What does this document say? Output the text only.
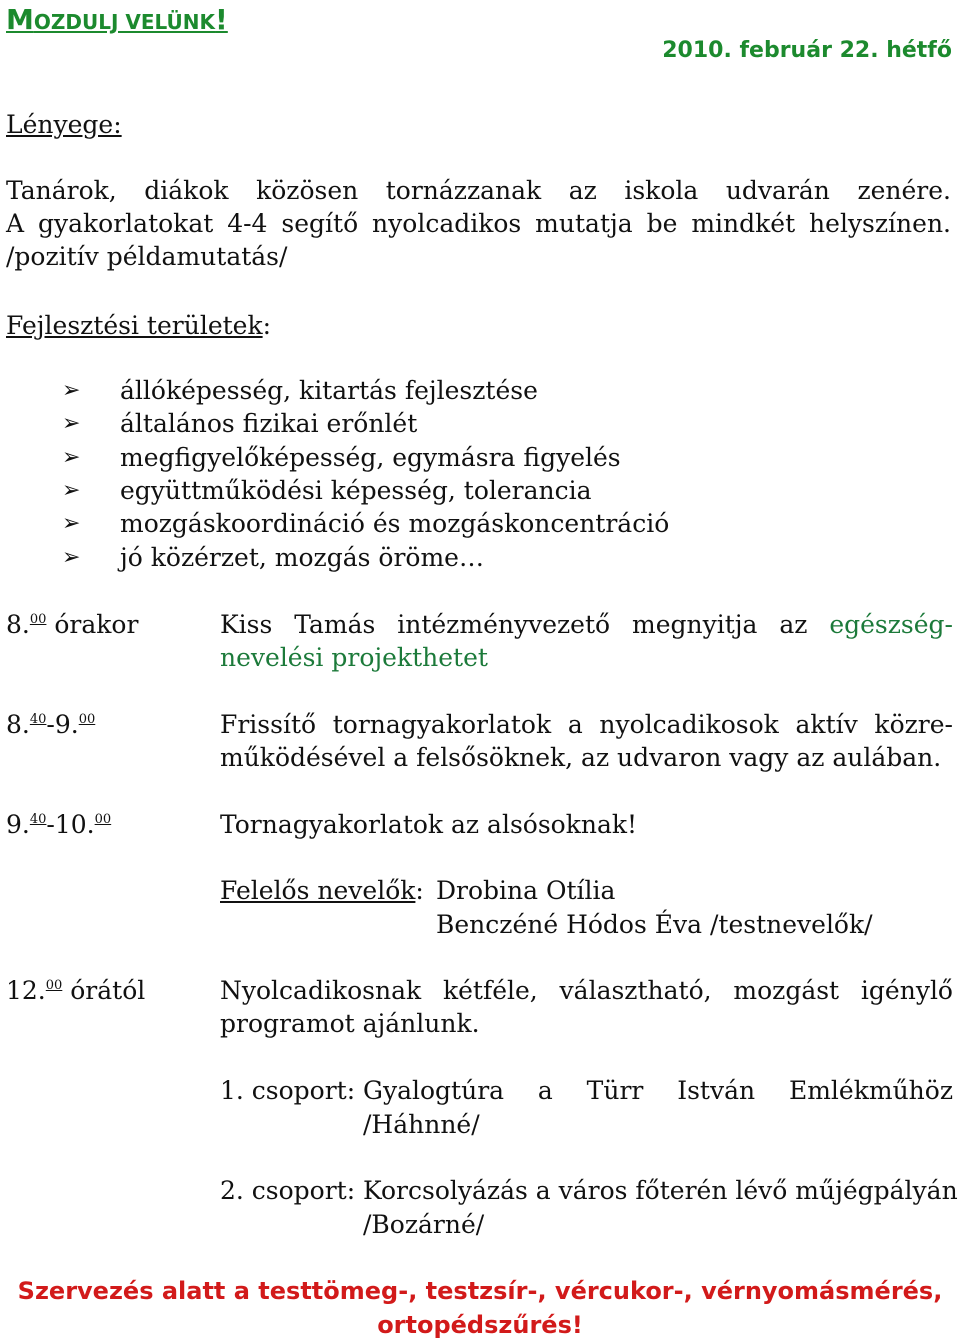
MOZDULJ VELÜNK!
2010. február 22. hétfő
Lényege:
Tanárok, diákok közösen tornázzanak az iskola udvarán zenére.
A gyakorlatokat 4-4 segítő nyolcadikos mutatja be mindkét helyszínen.
/pozitív példamutatás/
Fejlesztési területek:
➢ állóképesség, kitartás fejlesztése
➢ általános fizikai erőnlét
➢ megfigyelőképesség, egymásra figyelés
➢ együttműködési képesség, tolerancia
➢ mozgáskoordináció és mozgáskoncentráció
➢ jó közérzet, mozgás öröme…
8.00 órakor	Kiss Tamás intézményvezető megnyitja az egészség-
nevelési projekthetet
8.40-9.00	Frissítő tornagyakorlatok a nyolcadikosok aktív közre-
működésével a felsősöknek, az udvaron vagy az aulában.
9.40-10.00	Tornagyakorlatok az alsósoknak!
Felelős nevelők: Drobina Otília
Benczéné Hódos Éva /testnevelők/
12.00 órától	Nyolcadikosnak kétféle, választható, mozgást igénylő
programot ajánlunk.
1. csoport: Gyalogtúra a Türr István Emlékműhöz
/Háhnné/
2. csoport: Korcsolyázás a város főterén lévő műjégpályán
/Bozárné/
Szervezés alatt a testtömeg-, testzsír-, vércukor-, vérnyomásmérés,
ortopédszűrés!
